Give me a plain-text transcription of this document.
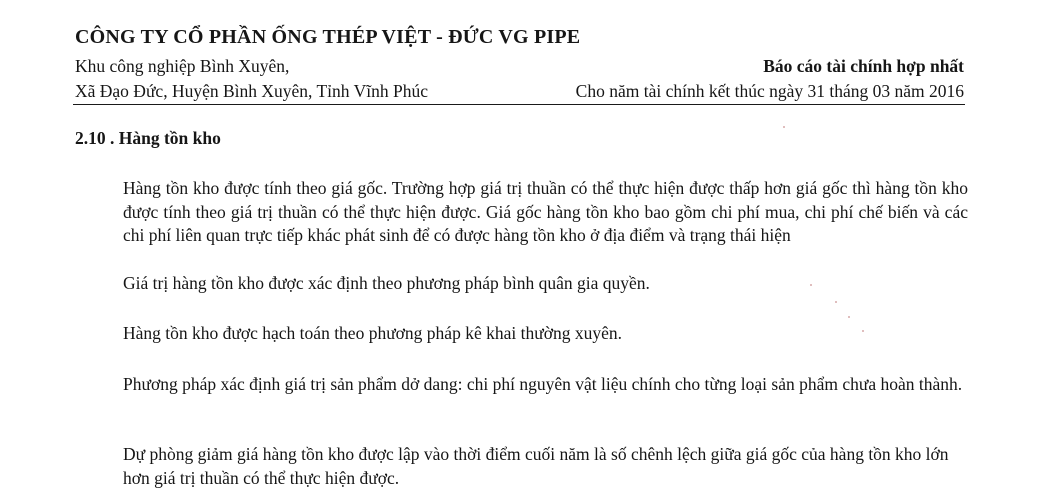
CÔNG TY CỔ PHẦN ỐNG THÉP VIỆT - ĐỨC VG PIPE
Khu công nghiệp Bình Xuyên,	Báo cáo tài chính hợp nhất
Xã Đạo Đức, Huyện Bình Xuyên, Tỉnh Vĩnh Phúc	Cho năm tài chính kết thúc ngày 31 tháng 03 năm 2016
2.10 . Hàng tồn kho
Hàng tồn kho được tính theo giá gốc. Trường hợp giá trị thuần có thể thực hiện được thấp hơn giá gốc thì hàng tồn kho được tính theo giá trị thuần có thể thực hiện được. Giá gốc hàng tồn kho bao gồm chi phí mua, chi phí chế biến và các chi phí liên quan trực tiếp khác phát sinh để có được hàng tồn kho ở địa điểm và trạng thái hiện
Giá trị hàng tồn kho được xác định theo phương pháp bình quân gia quyền.
Hàng tồn kho được hạch toán theo phương pháp kê khai thường xuyên.
Phương pháp xác định giá trị sản phẩm dở dang: chi phí nguyên vật liệu chính cho từng loại sản phẩm chưa hoàn thành.
Dự phòng giảm giá hàng tồn kho được lập vào thời điểm cuối năm là số chênh lệch giữa giá gốc của hàng tồn kho lớn hơn giá trị thuần có thể thực hiện được.
